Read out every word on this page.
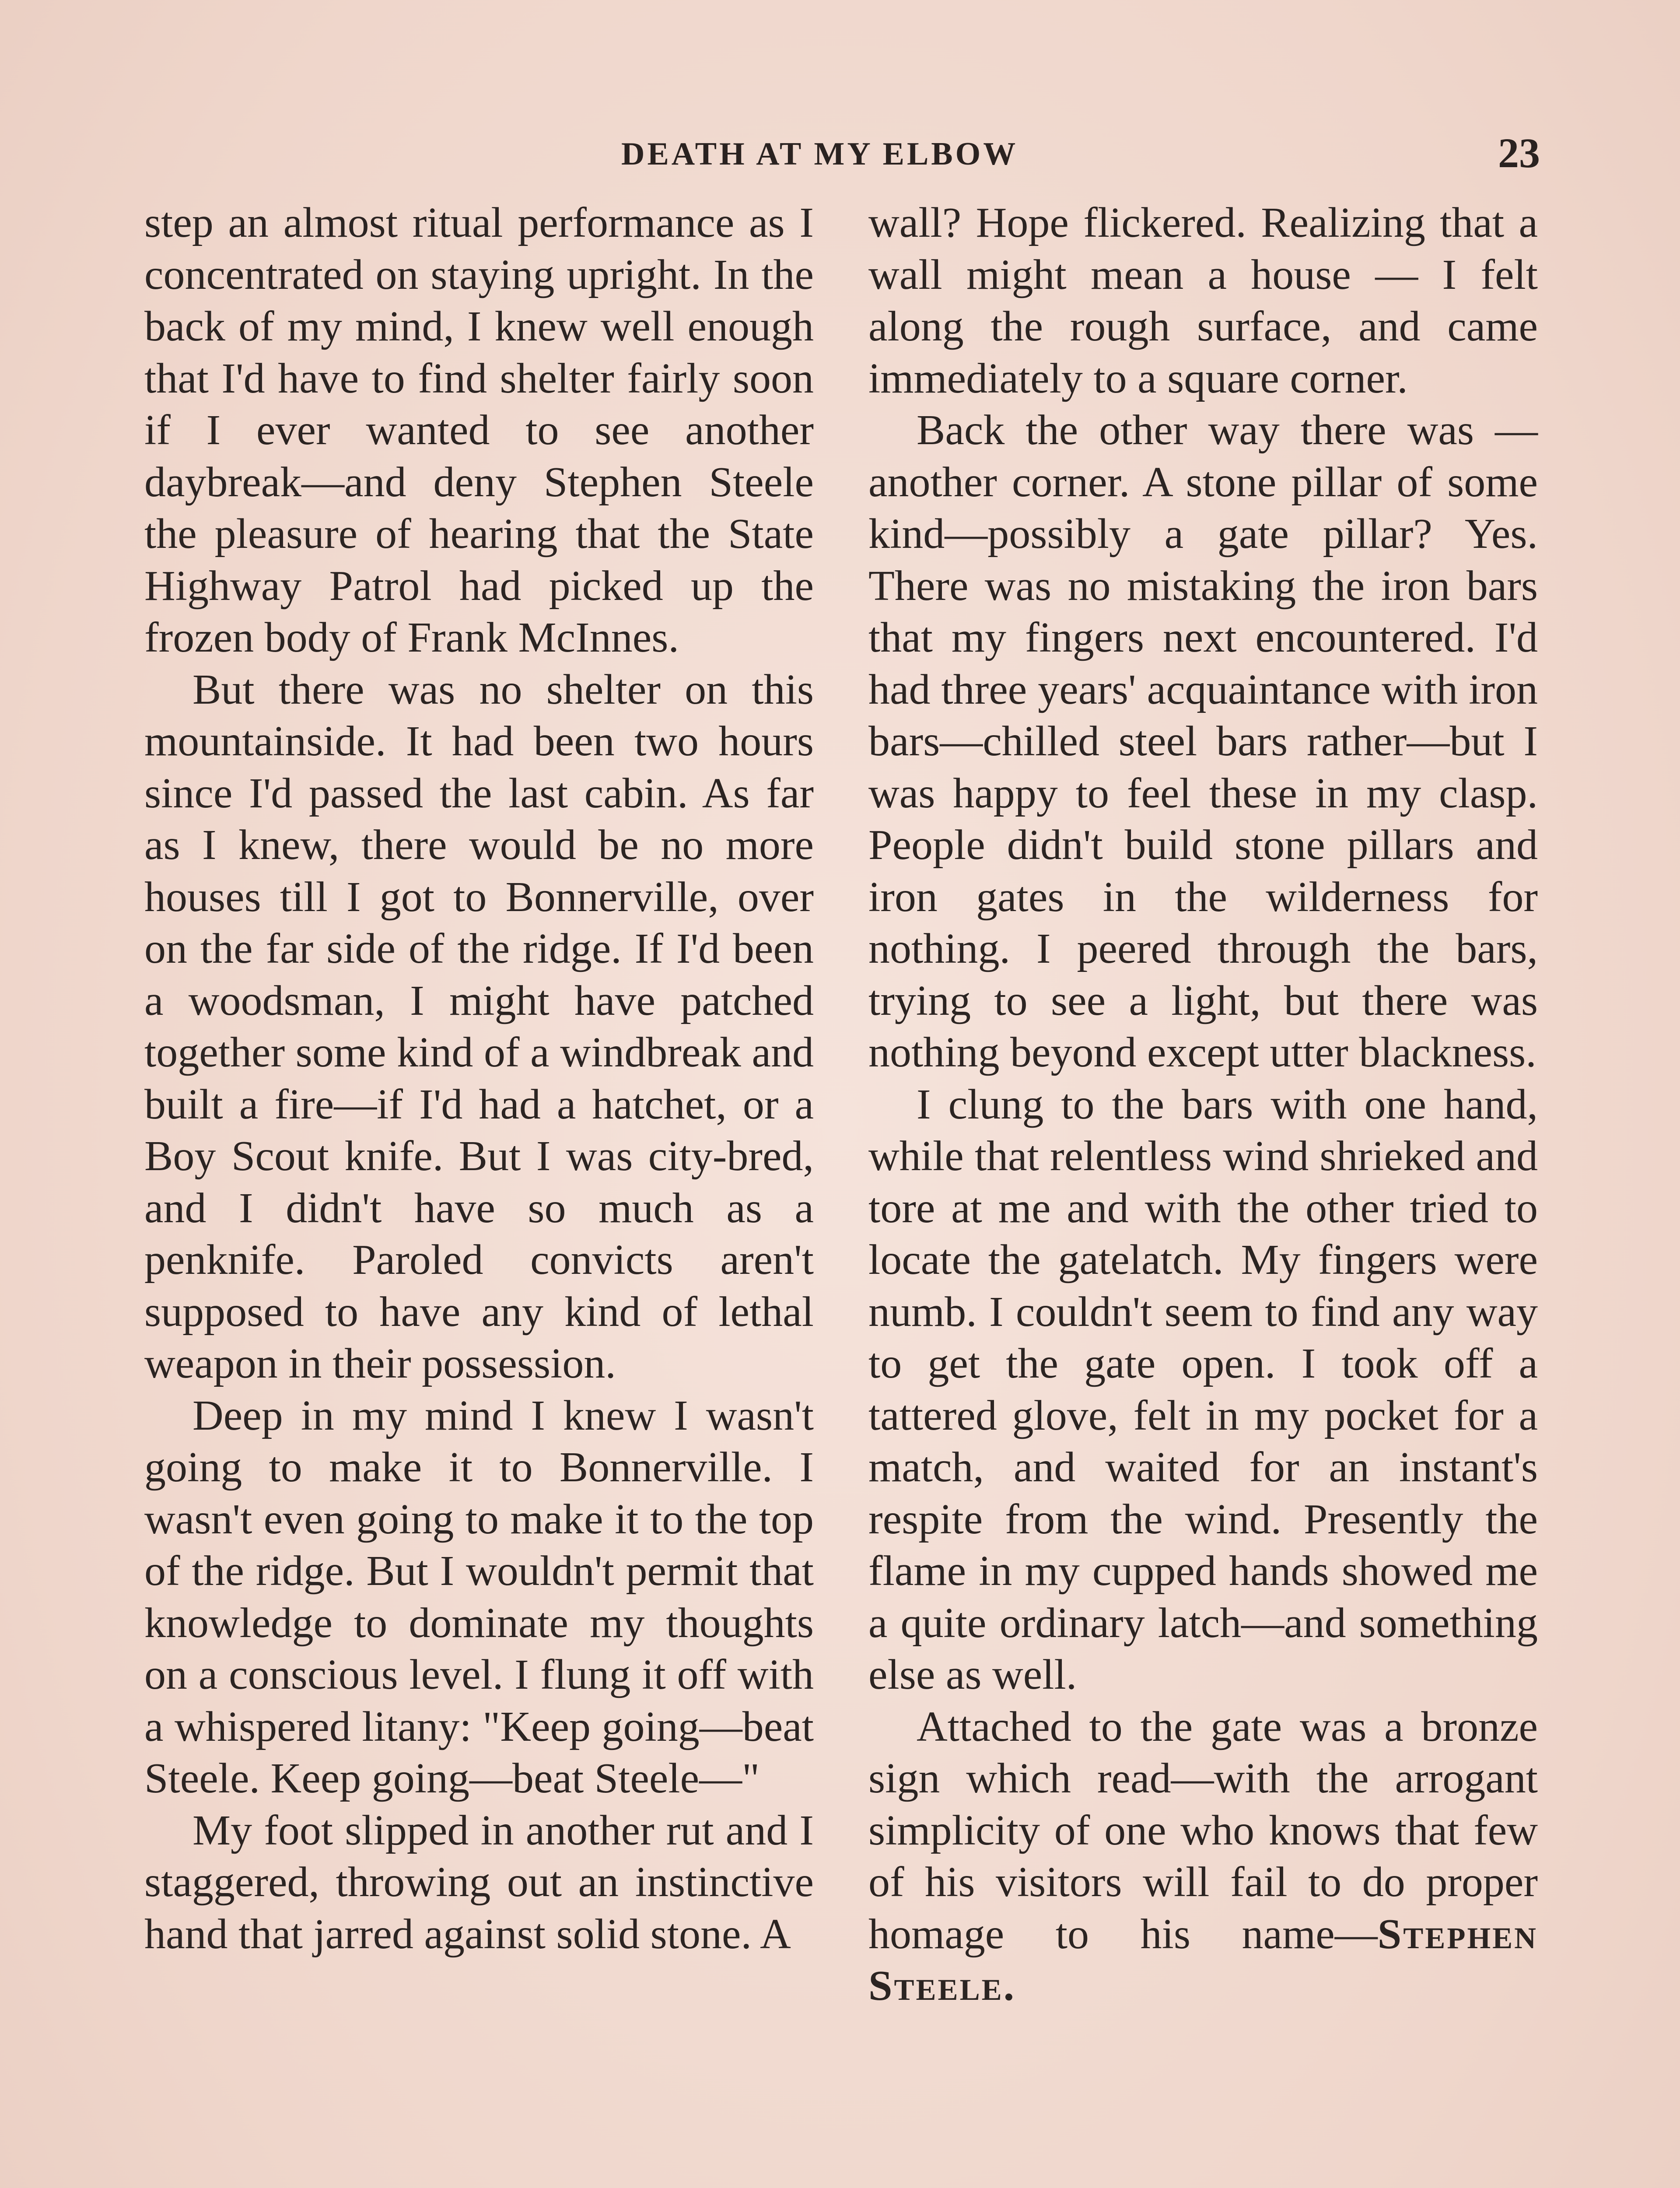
DEATH AT MY ELBOW	23

step an almost ritual performance as I concentrated on staying upright. In the back of my mind, I knew well enough that I'd have to find shelter fairly soon if I ever wanted to see another daybreak—and deny Stephen Steele the pleasure of hearing that the State Highway Patrol had picked up the frozen body of Frank McInnes.

But there was no shelter on this mountainside. It had been two hours since I'd passed the last cabin. As far as I knew, there would be no more houses till I got to Bonnerville, over on the far side of the ridge. If I'd been a woodsman, I might have patched together some kind of a windbreak and built a fire—if I'd had a hatchet, or a Boy Scout knife. But I was city-bred, and I didn't have so much as a penknife. Paroled convicts aren't supposed to have any kind of lethal weapon in their possession.

Deep in my mind I knew I wasn't going to make it to Bonnerville. I wasn't even going to make it to the top of the ridge. But I wouldn't permit that knowledge to dominate my thoughts on a conscious level. I flung it off with a whispered litany: "Keep going—beat Steele. Keep going—beat Steele—"

My foot slipped in another rut and I staggered, throwing out an instinctive hand that jarred against solid stone. A

wall? Hope flickered. Realizing that a wall might mean a house — I felt along the rough surface, and came immediately to a square corner.

Back the other way there was —another corner. A stone pillar of some kind—possibly a gate pillar? Yes. There was no mistaking the iron bars that my fingers next encountered. I'd had three years' acquaintance with iron bars—chilled steel bars rather—but I was happy to feel these in my clasp. People didn't build stone pillars and iron gates in the wilderness for nothing. I peered through the bars, trying to see a light, but there was nothing beyond except utter blackness.

I clung to the bars with one hand, while that relentless wind shrieked and tore at me and with the other tried to locate the gatelatch. My fingers were numb. I couldn't seem to find any way to get the gate open. I took off a tattered glove, felt in my pocket for a match, and waited for an instant's respite from the wind. Presently the flame in my cupped hands showed me a quite ordinary latch—and something else as well.

Attached to the gate was a bronze sign which read—with the arrogant simplicity of one who knows that few of his visitors will fail to do proper homage to his name—Stephen Steele.
